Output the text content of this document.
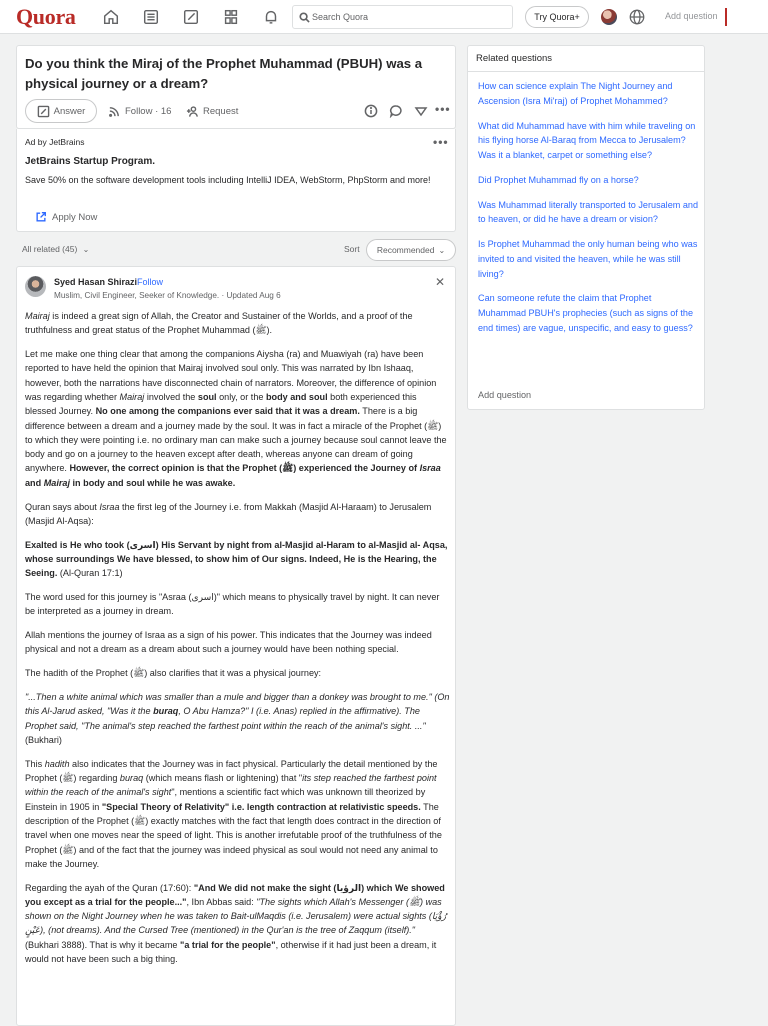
Quora
Search Quora	Try Quora+	Add question
Do you think the Miraj of the Prophet Muhammad (PBUH) was a physical journey or a dream?
Answer	Follow · 16	Request	•••
Ad by JetBrains	•••
JetBrains Startup Program.
Save 50% on the software development tools including IntelliJ IDEA, WebStorm, PhpStorm and more!
Apply Now
All related (45) ⌄	Sort Recommended ⌄
Syed Hasan Shirazi Follow
Muslim, Civil Engineer, Seeker of Knowledge. · Updated Aug 6
✕

Mairaj is indeed a great sign of Allah, the Creator and Sustainer of the Worlds, and a proof of the truthfulness and great status of the Prophet Muhammad (ﷺ).

Let me make one thing clear that among the companions Aiysha (ra) and Muawiyah (ra) have been reported to have held the opinion that Mairaj involved soul only. This was narrated by Ibn Ishaaq, however, both the narrations have disconnected chain of narrators. Moreover, the difference of opinion was regarding whether Mairaj involved the soul only, or the body and soul both experienced this blessed Journey. No one among the companions ever said that it was a dream. There is a big difference between a dream and a journey made by the soul. It was in fact a miracle of the Prophet (ﷺ) to which they were pointing i.e. no ordinary man can make such a journey because soul cannot leave the body and go on a journey to the heaven except after death, whereas anyone can dream of going anywhere. However, the correct opinion is that the Prophet (ﷺ) experienced the Journey of Israa and Mairaj in body and soul while he was awake.

Quran says about Israa the first leg of the Journey i.e. from Makkah (Masjid Al-Haraam) to Jerusalem (Masjid Al-Aqsa):

Exalted is He who took (اسرى) His Servant by night from al-Masjid al-Haram to al-Masjid al- Aqsa, whose surroundings We have blessed, to show him of Our signs. Indeed, He is the Hearing, the Seeing. (Al-Quran 17:1)

The word used for this journey is "Asraa (اسرى)" which means to physically travel by night. It can never be interpreted as a journey in dream.

Allah mentions the journey of Israa as a sign of his power. This indicates that the Journey was indeed physical and not a dream as a dream about such a journey would have been nothing special.

The hadith of the Prophet (ﷺ) also clarifies that it was a physical journey:

"...Then a white animal which was smaller than a mule and bigger than a donkey was brought to me." (On this Al-Jarud asked, "Was it the buraq, O Abu Hamza?" I (i.e. Anas) replied in the affirmative). The Prophet said, "The animal's step reached the farthest point within the reach of the animal's sight. ..." (Bukhari)

This hadith also indicates that the Journey was in fact physical. Particularly the detail mentioned by the Prophet (ﷺ) regarding buraq (which means flash or lightening) that "its step reached the farthest point within the reach of the animal's sight", mentions a scientific fact which was unknown till theorized by Einstein in 1905 in "Special Theory of Relativity" i.e. length contraction at relativistic speeds. The description of the Prophet (ﷺ) exactly matches with the fact that length does contract in the direction of travel when one moves near the speed of light. This is another irrefutable proof of the truthfulness of the Prophet (ﷺ) and of the fact that the journey was indeed physical as soul would not need any animal to make the Journey.

Regarding the ayah of the Quran (17:60): "And We did not make the sight (الرؤيا) which We showed you except as a trial for the people...", Ibn Abbas said: "The sights which Allah's Messenger (ﷺ) was shown on the Night Journey when he was taken to Bait-ulMaqdis (i.e. Jerusalem) were actual sights (رُؤْيَا عَيْنٍ), (not dreams). And the Cursed Tree (mentioned) in the Qur'an is the tree of Zaqqum (itself)." (Bukhari 3888). That is why it became "a trial for the people", otherwise if it had just been a dream, it would not have been such a big thing.

Related questions
How can science explain The Night Journey and Ascension (Isra Mi'raj) of Prophet Mohammed?
What did Muhammad have with him while traveling on his flying horse Al-Baraq from Mecca to Jerusalem? Was it a blanket, carpet or something else?
Did Prophet Muhammad fly on a horse?
Was Muhammad literally transported to Jerusalem and to heaven, or did he have a dream or vision?
Is Prophet Muhammad the only human being who was invited to and visited the heaven, while he was still living?
Can someone refute the claim that Prophet Muhammad PBUH's prophecies (such as signs of the end times) are vague, unspecific, and easy to guess?
Add question
